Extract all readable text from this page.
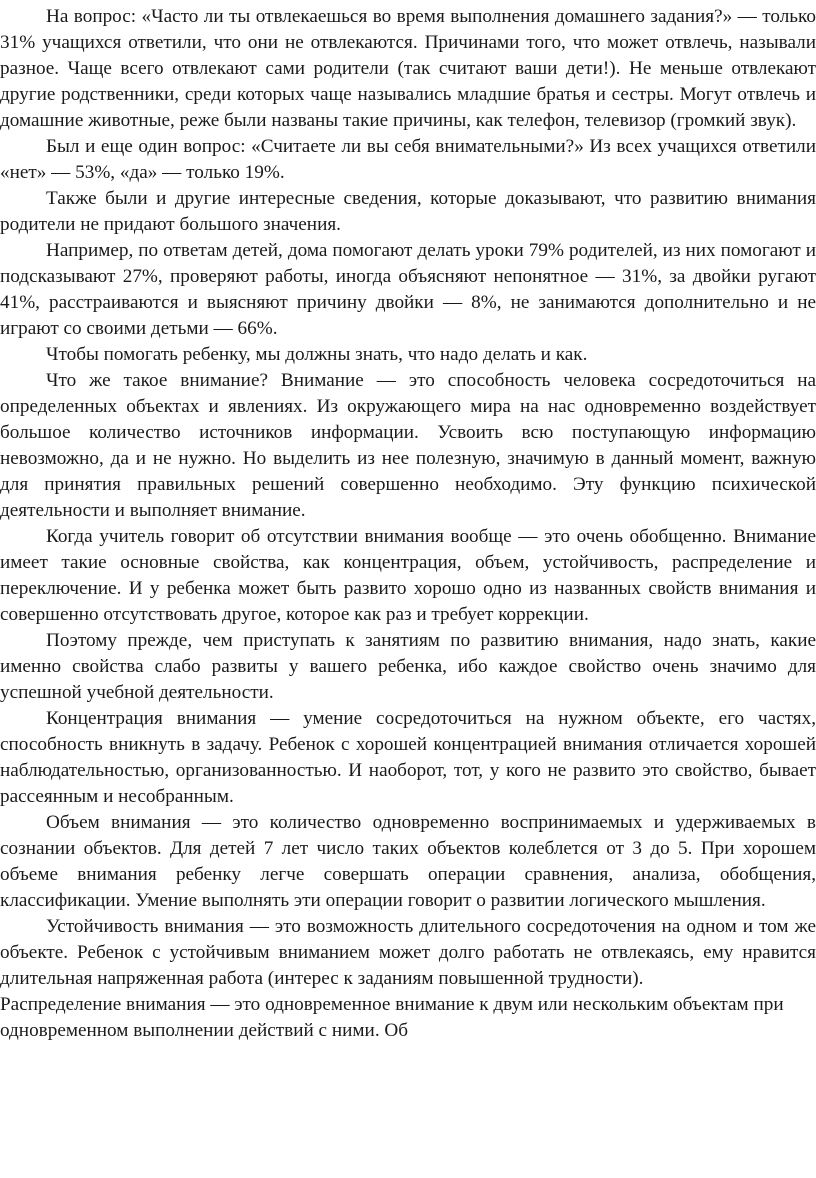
На вопрос: «Часто ли ты отвлекаешься во время выполнения домашнего задания?» — только 31% учащихся ответили, что они не отвлекаются. Причинами того, что может отвлечь, называли разное. Чаще всего отвлекают сами родители (так считают ваши дети!). Не меньше отвлекают другие родственники, среди которых чаще назывались младшие братья и сестры. Могут отвлечь и домашние животные, реже были названы такие причины, как телефон, телевизор (громкий звук).

Был и еще один вопрос: «Считаете ли вы себя внимательными?» Из всех учащихся ответили «нет» — 53%, «да» — только 19%.

Также были и другие интересные сведения, которые доказывают, что развитию внимания родители не придают большого значения.

Например, по ответам детей, дома помогают делать уроки 79% родителей, из них помогают и подсказывают 27%, проверяют работы, иногда объясняют непонятное — 31%, за двойки ругают 41%, расстраиваются и выясняют причину двойки — 8%, не занимаются дополнительно и не играют со своими детьми — 66%.

Чтобы помогать ребенку, мы должны знать, что надо делать и как.

Что же такое внимание? Внимание — это способность человека сосредоточиться на определенных объектах и явлениях. Из окружающего мира на нас одновременно воздействует большое количество источников информации. Усвоить всю поступающую информацию невозможно, да и не нужно. Но выделить из нее полезную, значимую в данный момент, важную для принятия правильных решений совершенно необходимо. Эту функцию психической деятельности и выполняет внимание.

Когда учитель говорит об отсутствии внимания вообще — это очень обобщенно. Внимание имеет такие основные свойства, как концентрация, объем, устойчивость, распределение и переключение. И у ребенка может быть развито хорошо одно из названных свойств внимания и совершенно отсутствовать другое, которое как раз и требует коррекции.

Поэтому прежде, чем приступать к занятиям по развитию внимания, надо знать, какие именно свойства слабо развиты у вашего ребенка, ибо каждое свойство очень значимо для успешной учебной деятельности.

Концентрация внимания — умение сосредоточиться на нужном объекте, его частях, способность вникнуть в задачу. Ребенок с хорошей концентрацией внимания отличается хорошей наблюдательностью, организованностью. И наоборот, тот, у кого не развито это свойство, бывает рассеянным и несобранным.

Объем внимания — это количество одновременно воспринимаемых и удерживаемых в сознании объектов. Для детей 7 лет число таких объектов колеблется от 3 до 5. При хорошем объеме внимания ребенку легче совершать операции сравнения, анализа, обобщения, классификации. Умение выполнять эти операции говорит о развитии логического мышления.

Устойчивость внимания — это возможность длительного сосредоточения на одном и том же объекте. Ребенок с устойчивым вниманием может долго работать не отвлекаясь, ему нравится длительная напряженная работа (интерес к заданиям повышенной трудности).

Распределение внимания — это одновременное внимание к двум или нескольким объектам при одновременном выполнении действий с ними. Об
